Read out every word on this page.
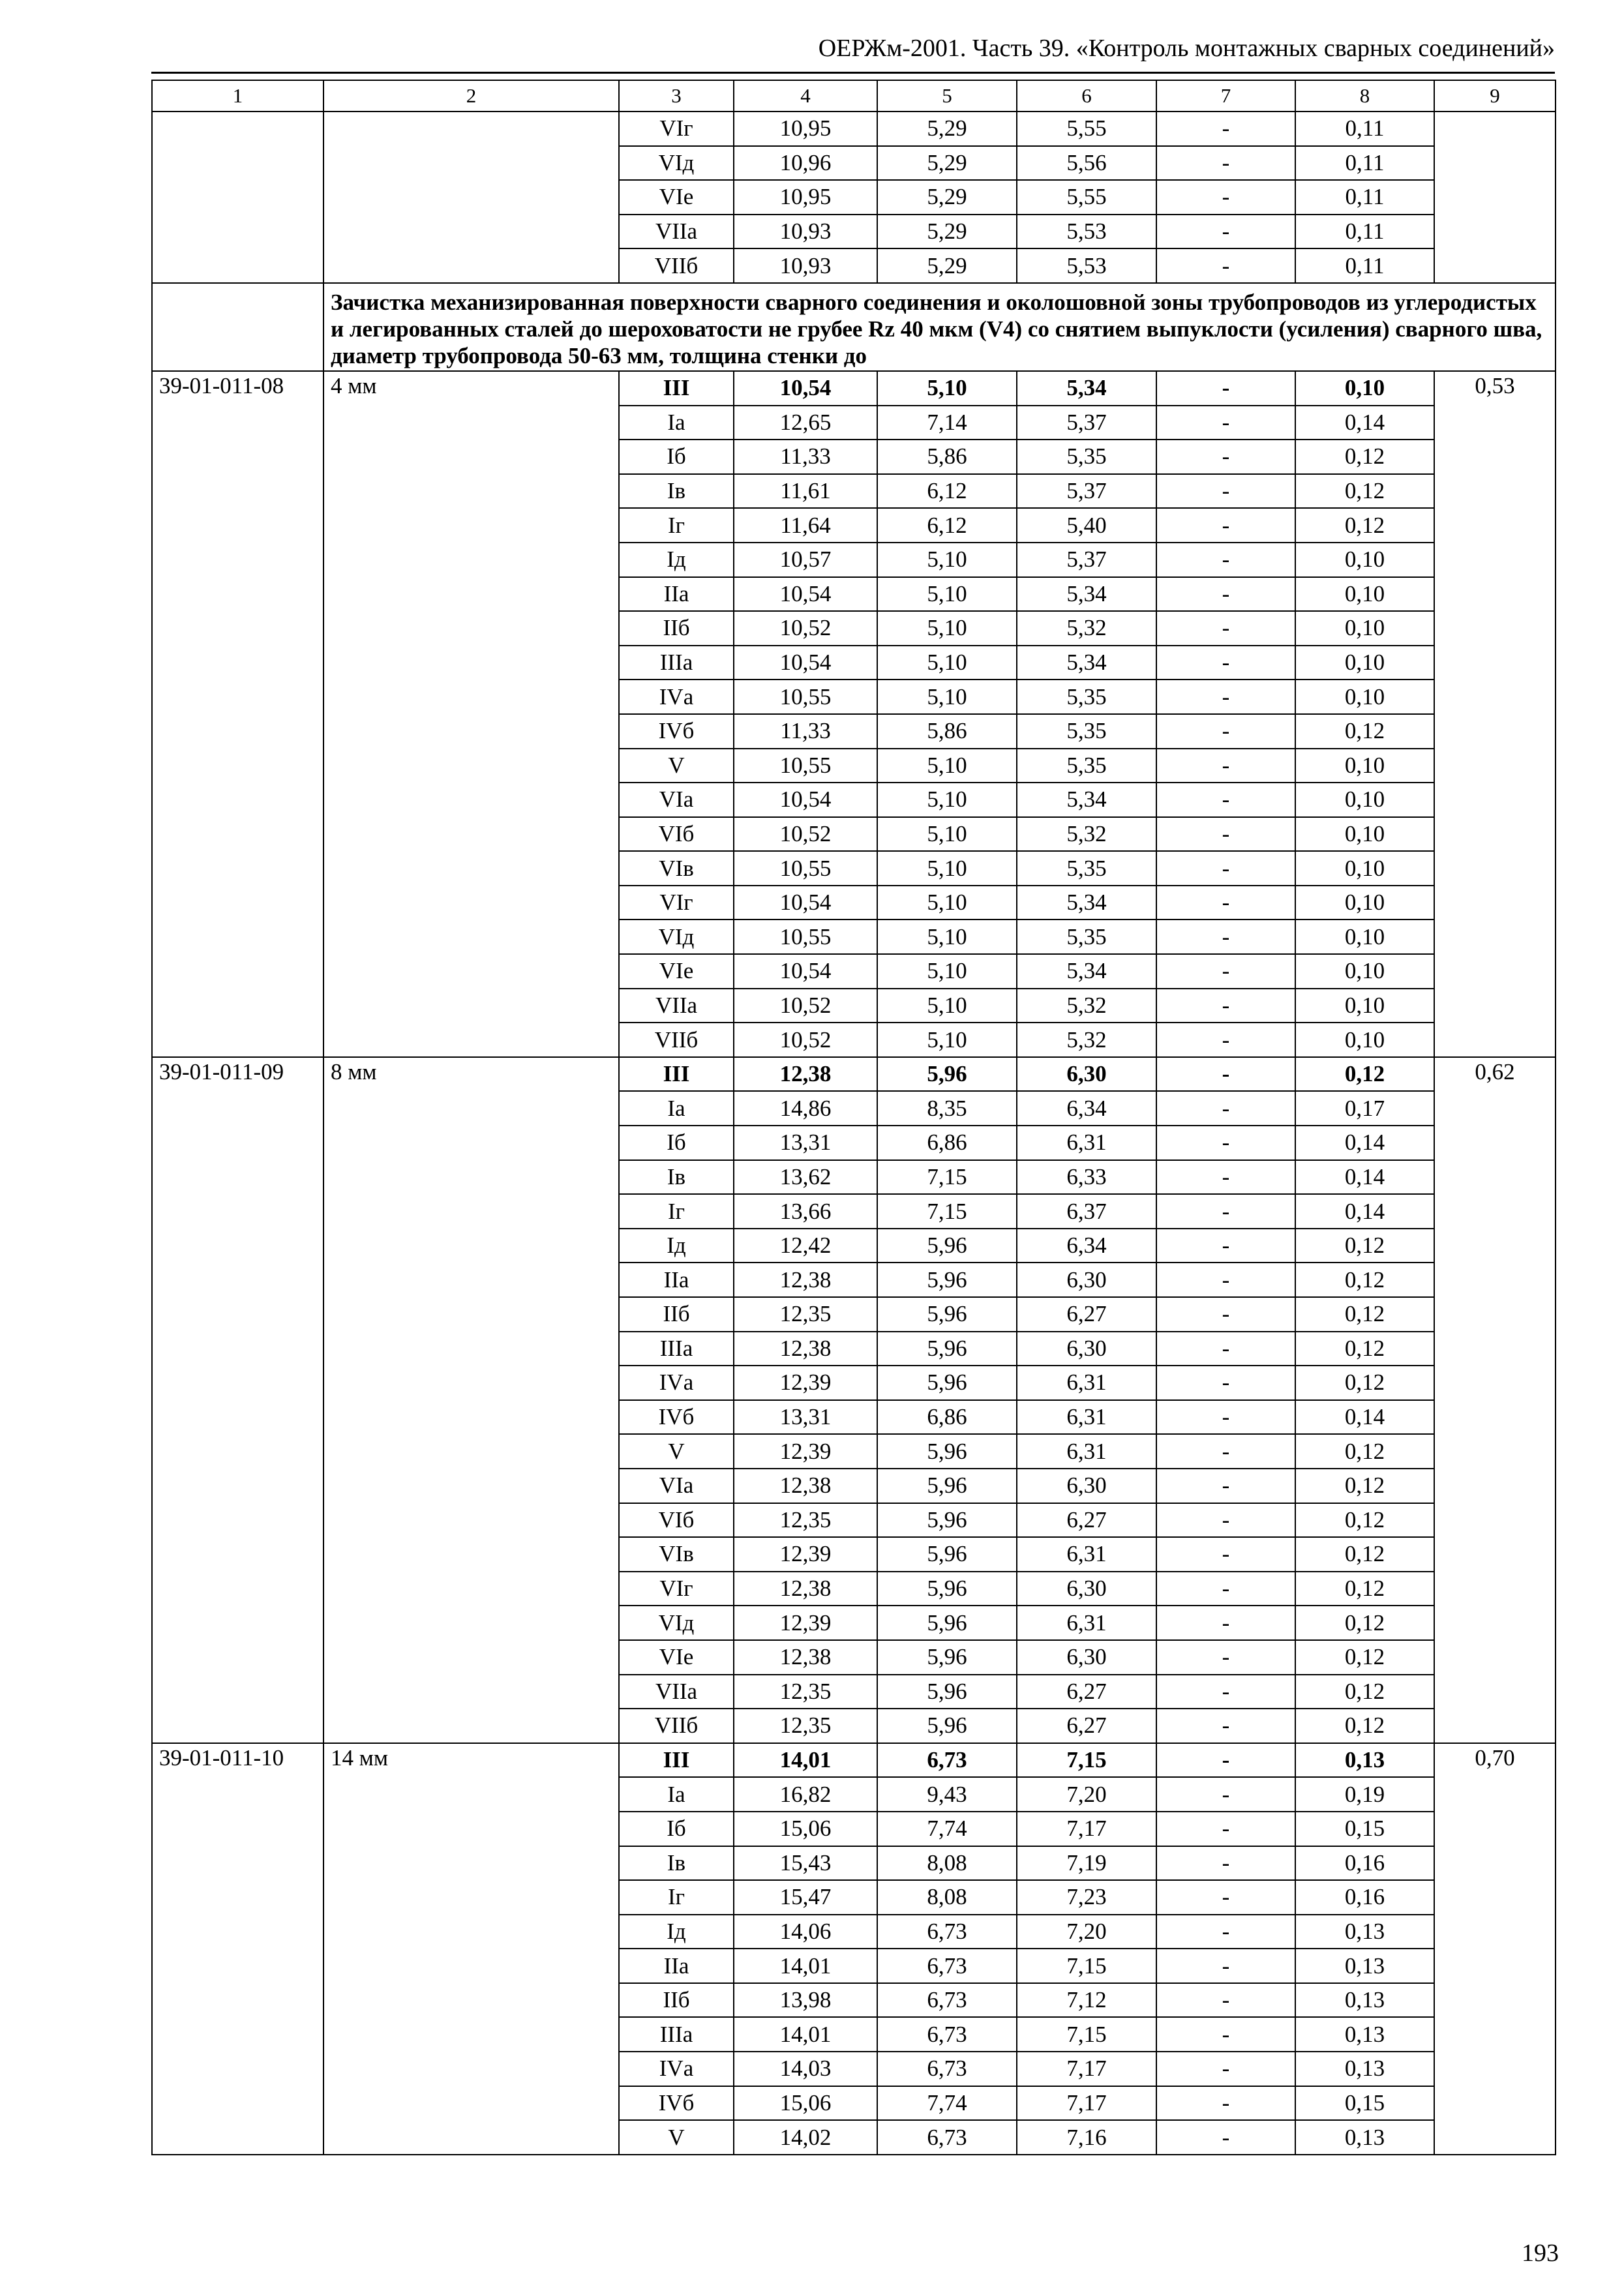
ОЕРЖм-2001. Часть 39. «Контроль монтажных сварных соединений»
1	2	3	4	5	6	7	8	9
		VIг	10,95	5,29	5,55	-	0,11	
		VIд	10,96	5,29	5,56	-	0,11	
		VIе	10,95	5,29	5,55	-	0,11	
		VIIа	10,93	5,29	5,53	-	0,11	
		VIIб	10,93	5,29	5,53	-	0,11	
	Зачистка механизированная поверхности сварного соединения и околошовной зоны трубопроводов из углеродистых и легированных сталей до шероховатости не грубее Rz 40 мкм (V4) со снятием выпуклости (усиления) сварного шва, диаметр трубопровода 50-63 мм, толщина стенки до							
39-01-011-08	4 мм	III	10,54	5,10	5,34	-	0,10	0,53
		Iа	12,65	7,14	5,37	-	0,14	
		Iб	11,33	5,86	5,35	-	0,12	
		Iв	11,61	6,12	5,37	-	0,12	
		Iг	11,64	6,12	5,40	-	0,12	
		Iд	10,57	5,10	5,37	-	0,10	
		IIа	10,54	5,10	5,34	-	0,10	
		IIб	10,52	5,10	5,32	-	0,10	
		IIIа	10,54	5,10	5,34	-	0,10	
		IVа	10,55	5,10	5,35	-	0,10	
		IVб	11,33	5,86	5,35	-	0,12	
		V	10,55	5,10	5,35	-	0,10	
		VIа	10,54	5,10	5,34	-	0,10	
		VIб	10,52	5,10	5,32	-	0,10	
		VIв	10,55	5,10	5,35	-	0,10	
		VIг	10,54	5,10	5,34	-	0,10	
		VIд	10,55	5,10	5,35	-	0,10	
		VIе	10,54	5,10	5,34	-	0,10	
		VIIа	10,52	5,10	5,32	-	0,10	
		VIIб	10,52	5,10	5,32	-	0,10	
39-01-011-09	8 мм	III	12,38	5,96	6,30	-	0,12	0,62
		Iа	14,86	8,35	6,34	-	0,17	
		Iб	13,31	6,86	6,31	-	0,14	
		Iв	13,62	7,15	6,33	-	0,14	
		Iг	13,66	7,15	6,37	-	0,14	
		Iд	12,42	5,96	6,34	-	0,12	
		IIа	12,38	5,96	6,30	-	0,12	
		IIб	12,35	5,96	6,27	-	0,12	
		IIIа	12,38	5,96	6,30	-	0,12	
		IVа	12,39	5,96	6,31	-	0,12	
		IVб	13,31	6,86	6,31	-	0,14	
		V	12,39	5,96	6,31	-	0,12	
		VIа	12,38	5,96	6,30	-	0,12	
		VIб	12,35	5,96	6,27	-	0,12	
		VIв	12,39	5,96	6,31	-	0,12	
		VIг	12,38	5,96	6,30	-	0,12	
		VIд	12,39	5,96	6,31	-	0,12	
		VIе	12,38	5,96	6,30	-	0,12	
		VIIа	12,35	5,96	6,27	-	0,12	
		VIIб	12,35	5,96	6,27	-	0,12	
39-01-011-10	14 мм	III	14,01	6,73	7,15	-	0,13	0,70
		Iа	16,82	9,43	7,20	-	0,19	
		Iб	15,06	7,74	7,17	-	0,15	
		Iв	15,43	8,08	7,19	-	0,16	
		Iг	15,47	8,08	7,23	-	0,16	
		Iд	14,06	6,73	7,20	-	0,13	
		IIа	14,01	6,73	7,15	-	0,13	
		IIб	13,98	6,73	7,12	-	0,13	
		IIIа	14,01	6,73	7,15	-	0,13	
		IVа	14,03	6,73	7,17	-	0,13	
		IVб	15,06	7,74	7,17	-	0,15	
		V	14,02	6,73	7,16	-	0,13	
193
